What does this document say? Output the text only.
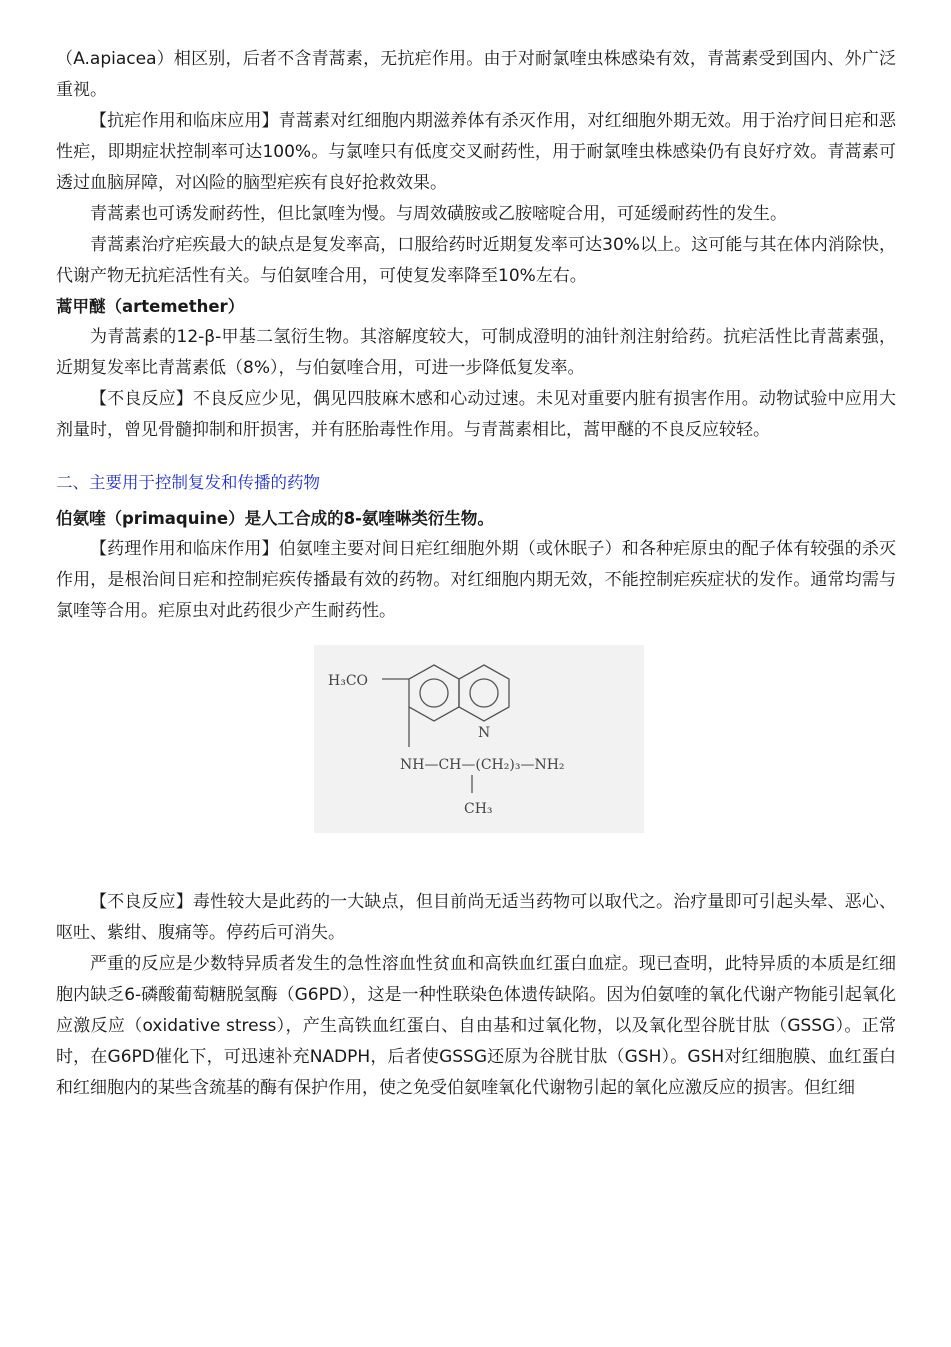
（A.apiacea）相区别，后者不含青蒿素，无抗疟作用。由于对耐氯喹虫株感染有效，青蒿素受到国内、外广泛重视。

【抗疟作用和临床应用】青蒿素对红细胞内期滋养体有杀灭作用，对红细胞外期无效。用于治疗间日疟和恶性疟，即期症状控制率可达100%。与氯喹只有低度交叉耐药性，用于耐氯喹虫株感染仍有良好疗效。青蒿素可透过血脑屏障，对凶险的脑型疟疾有良好抢救效果。

青蒿素也可诱发耐药性，但比氯喹为慢。与周效磺胺或乙胺嘧啶合用，可延缓耐药性的发生。

青蒿素治疗疟疾最大的缺点是复发率高，口服给药时近期复发率可达30%以上。这可能与其在体内消除快，代谢产物无抗疟活性有关。与伯氨喹合用，可使复发率降至10%左右。

蒿甲醚（artemether）

为青蒿素的12-β-甲基二氢衍生物。其溶解度较大，可制成澄明的油针剂注射给药。抗疟活性比青蒿素强，近期复发率比青蒿素低（8%），与伯氨喹合用，可进一步降低复发率。

【不良反应】不良反应少见，偶见四肢麻木感和心动过速。未见对重要内脏有损害作用。动物试验中应用大剂量时，曾见骨髓抑制和肝损害，并有胚胎毒性作用。与青蒿素相比，蒿甲醚的不良反应较轻。

二、主要用于控制复发和传播的药物
伯氨喹（primaquine）是人工合成的8-氨喹啉类衍生物。

【药理作用和临床作用】伯氨喹主要对间日疟红细胞外期（或休眠子）和各种疟原虫的配子体有较强的杀灭作用，是根治间日疟和控制疟疾传播最有效的药物。对红细胞内期无效，不能控制疟疾症状的发作。通常均需与氯喹等合用。疟原虫对此药很少产生耐药性。

H₃CO
N
NH—CH—(CH₂)₃—NH₂
CH₃

【不良反应】毒性较大是此药的一大缺点，但目前尚无适当药物可以取代之。治疗量即可引起头晕、恶心、呕吐、紫绀、腹痛等。停药后可消失。

严重的反应是少数特异质者发生的急性溶血性贫血和高铁血红蛋白血症。现已查明，此特异质的本质是红细胞内缺乏6-磷酸葡萄糖脱氢酶（G6PD），这是一种性联染色体遗传缺陷。因为伯氨喹的氧化代谢产物能引起氧化应激反应（oxidative stress），产生高铁血红蛋白、自由基和过氧化物，以及氧化型谷胱甘肽（GSSG）。正常时，在G6PD催化下，可迅速补充NADPH，后者使GSSG还原为谷胱甘肽（GSH）。GSH对红细胞膜、血红蛋白和红细胞内的某些含巯基的酶有保护作用，使之免受伯氨喹氧化代谢物引起的氧化应激反应的损害。但红细
